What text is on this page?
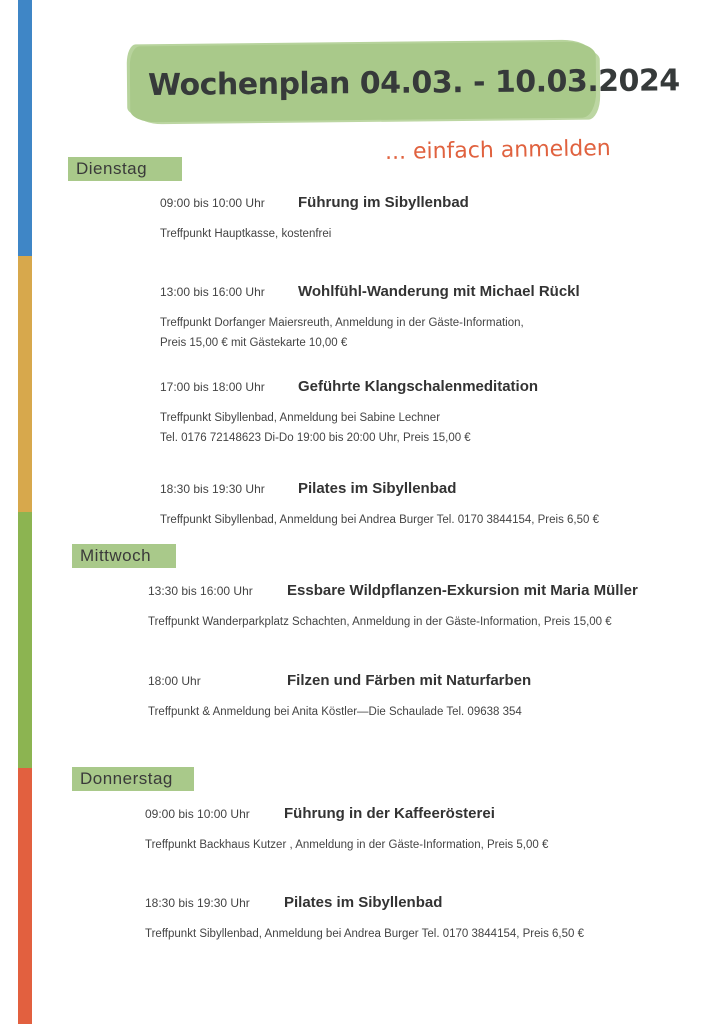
Wochenplan 04.03. - 10.03.2024
... einfach anmelden
Dienstag
09:00 bis 10:00 Uhr Führung im Sibyllenbad
Treffpunkt Hauptkasse, kostenfrei
13:00 bis 16:00 Uhr Wohlfühl-Wanderung mit Michael Rückl
Treffpunkt Dorfanger Maiersreuth, Anmeldung in der Gäste-Information,
Preis 15,00 € mit Gästekarte 10,00 €
17:00 bis 18:00 Uhr Geführte Klangschalenmeditation
Treffpunkt Sibyllenbad, Anmeldung bei Sabine Lechner
Tel. 0176 72148623 Di-Do 19:00 bis 20:00 Uhr, Preis 15,00 €
18:30 bis 19:30 Uhr Pilates im Sibyllenbad
Treffpunkt Sibyllenbad, Anmeldung bei Andrea Burger Tel. 0170 3844154, Preis 6,50 €
Mittwoch
13:30 bis 16:00 Uhr Essbare Wildpflanzen-Exkursion mit Maria Müller
Treffpunkt Wanderparkplatz Schachten, Anmeldung in der Gäste-Information, Preis 15,00 €
18:00 Uhr	Filzen und Färben mit Naturfarben
Treffpunkt & Anmeldung bei Anita Köstler—Die Schaulade Tel. 09638 354
Donnerstag
09:00 bis 10:00 Uhr Führung in der Kaffeerösterei
Treffpunkt Backhaus Kutzer , Anmeldung in der Gäste-Information, Preis 5,00 €
18:30 bis 19:30 Uhr Pilates im Sibyllenbad
Treffpunkt Sibyllenbad, Anmeldung bei Andrea Burger Tel. 0170 3844154, Preis 6,50 €
